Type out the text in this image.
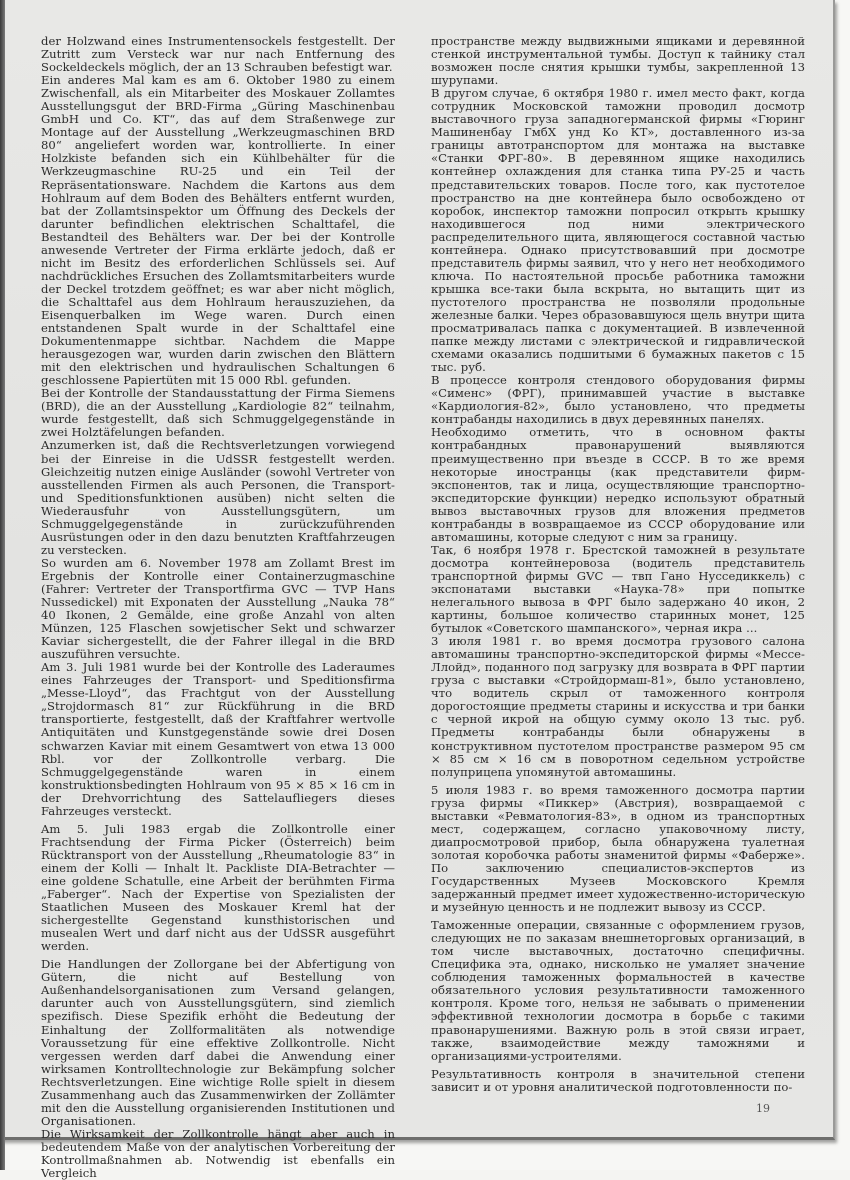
der Holzwand eines Instrumentensockels festgestellt. Der Zutritt zum Versteck war nur nach Entfernung des Sockeldeckels möglich, der an 13 Schrauben befestigt war.

Ein anderes Mal kam es am 6. Oktober 1980 zu einem Zwischenfall, als ein Mitarbeiter des Moskauer Zollamtes Ausstellungsgut der BRD-Firma „Güring Maschinenbau GmbH und Co. KT“, das auf dem Straßenwege zur Montage auf der Ausstellung „Werkzeugmaschinen BRD 80“ angeliefert worden war, kontrollierte. In einer Holzkiste befanden sich ein Kühlbehälter für die Werkzeugmaschine RU-25 und ein Teil der Repräsentationsware. Nachdem die Kartons aus dem Hohlraum auf dem Boden des Behälters entfernt wurden, bat der Zollamtsinspektor um Öffnung des Deckels der darunter befindlichen elektrischen Schalttafel, die Bestandteil des Behälters war. Der bei der Kontrolle anwesende Vertreter der Firma erklärte jedoch, daß er nicht im Besitz des erforderlichen Schlüssels sei. Auf nachdrückliches Ersuchen des Zollamtsmitarbeiters wurde der Deckel trotzdem geöffnet; es war aber nicht möglich, die Schalttafel aus dem Hohlraum herauszuziehen, da Eisenquerbalken im Wege waren. Durch einen entstandenen Spalt wurde in der Schalttafel eine Dokumentenmappe sichtbar. Nachdem die Mappe herausgezogen war, wurden darin zwischen den Blättern mit den elektrischen und hydraulischen Schaltungen 6 geschlossene Papiertüten mit 15 000 Rbl. gefunden.

Bei der Kontrolle der Standausstattung der Firma Siemens (BRD), die an der Ausstellung „Kardiologie 82“ teilnahm, wurde festgestellt, daß sich Schmuggelgegenstände in zwei Holztäfelungen befanden.

Anzumerken ist, daß die Rechtsverletzungen vorwiegend bei der Einreise in die UdSSR festgestellt werden. Gleichzeitig nutzen einige Ausländer (sowohl Vertreter von ausstellenden Firmen als auch Personen, die Transport- und Speditionsfunktionen ausüben) nicht selten die Wiederausfuhr von Ausstellungsgütern, um Schmuggelgegenstände in zurückzuführenden Ausrüstungen oder in den dazu benutzten Kraftfahrzeugen zu verstecken.

So wurden am 6. November 1978 am Zollamt Brest im Ergebnis der Kontrolle einer Containerzugmaschine (Fahrer: Vertreter der Transportfirma GVC — TVP Hans Nussedickel) mit Exponaten der Ausstellung „Nauka 78“ 40 Ikonen, 2 Gemälde, eine große Anzahl von alten Münzen, 125 Flaschen sowjetischer Sekt und schwarzer Kaviar sichergestellt, die der Fahrer illegal in die BRD auszuführen versuchte.

Am 3. Juli 1981 wurde bei der Kontrolle des Laderaumes eines Fahrzeuges der Transport- und Speditionsfirma „Messe-Lloyd“, das Frachtgut von der Ausstellung „Strojdormasch 81“ zur Rückführung in die BRD transportierte, festgestellt, daß der Kraftfahrer wertvolle Antiquitäten und Kunstgegenstände sowie drei Dosen schwarzen Kaviar mit einem Gesamtwert von etwa 13 000 Rbl. vor der Zollkontrolle verbarg. Die Schmuggelgegenstände waren in einem konstruktionsbedingten Hohlraum von 95 × 85 × 16 cm in der Drehvorrichtung des Sattelaufliegers dieses Fahrzeuges versteckt.

Am 5. Juli 1983 ergab die Zollkontrolle einer Frachtsendung der Firma Picker (Österreich) beim Rücktransport von der Ausstellung „Rheumatologie 83“ in einem der Kolli — Inhalt lt. Packliste DIA-Betrachter — eine goldene Schatulle, eine Arbeit der berühmten Firma „Faberger“. Nach der Expertise von Spezialisten der Staatlichen Museen des Moskauer Kreml hat der sichergestellte Gegenstand kunsthistorischen und musealen Wert und darf nicht aus der UdSSR ausgeführt werden.

Die Handlungen der Zollorgane bei der Abfertigung von Gütern, die nicht auf Bestellung von Außenhandelsorganisationen zum Versand gelangen, darunter auch von Ausstellungsgütern, sind ziemlich spezifisch. Diese Spezifik erhöht die Bedeutung der Einhaltung der Zollformalitäten als notwendige Voraussetzung für eine effektive Zollkontrolle. Nicht vergessen werden darf dabei die Anwendung einer wirksamen Kontrolltechnologie zur Bekämpfung solcher Rechtsverletzungen. Eine wichtige Rolle spielt in diesem Zusammenhang auch das Zusammenwirken der Zollämter mit den die Ausstellung organisierenden Institutionen und Organisationen.

Die Wirksamkeit der Zollkontrolle hängt aber auch in bedeutendem Maße von der analytischen Vorbereitung der Kontrollmaßnahmen ab. Notwendig ist ebenfalls ein Vergleich

пространстве между выдвижными ящиками и деревянной стенкой инструментальной тумбы. Доступ к тайнику стал возможен после снятия крышки тумбы, закрепленной 13 шурупами.

В другом случае, 6 октября 1980 г. имел место факт, когда сотрудник Московской таможни проводил досмотр выставочного груза западногерманской фирмы «Гюринг Машиненбау ГмбХ унд Ко КТ», доставленного из-за границы автотранспортом для монтажа на выставке «Станки ФРГ-80». В деревянном ящике находились контейнер охлаждения для станка типа РУ-25 и часть представительских товаров. После того, как пустотелое пространство на дне контейнера было освобождено от коробок, инспектор таможни попросил открыть крышку находившегося под ними электрического распределительного щита, являющегося составной частью контейнера. Однако присутствовавший при досмотре представитель фирмы заявил, что у него нет необходимого ключа. По настоятельной просьбе работника таможни крышка все-таки была вскрыта, но вытащить щит из пустотелого пространства не позволяли продольные железные балки. Через образовавшуюся щель внутри щита просматривалась папка с документацией. В извлеченной папке между листами с электрической и гидравлической схемами оказались подшитыми 6 бумажных пакетов с 15 тыс. руб.

В процессе контроля стендового оборудования фирмы «Сименс» (ФРГ), принимавшей участие в выставке «Кардиология-82», было установлено, что предметы контрабанды находились в двух деревянных панелях.

Необходимо отметить, что в основном факты контрабандных правонарушений выявляются преимущественно при въезде в СССР. В то же время некоторые иностранцы (как представители фирм-экспонентов, так и лица, осуществляющие транспортно-экспедиторские функции) нередко используют обратный вывоз выставочных грузов для вложения предметов контрабанды в возвращаемое из СССР оборудование или автомашины, которые следуют с ним за границу.

Так, 6 ноября 1978 г. Брестской таможней в результате досмотра контейнеровоза (водитель представитель транспортной фирмы GVC — твп Гано Нусседиккель) с экспонатами выставки «Наука-78» при попытке нелегального вывоза в ФРГ было задержано 40 икон, 2 картины, большое количество старинных монет, 125 бутылок «Советского шампанского», черная икра ...

3 июля 1981 г. во время досмотра грузового салона автомашины транспортно-экспедиторской фирмы «Мессе-Ллойд», поданного под загрузку для возврата в ФРГ партии груза с выставки «Стройдормаш-81», было установлено, что водитель скрыл от таможенного контроля дорогостоящие предметы старины и искусства и три банки с черной икрой на общую сумму около 13 тыс. руб. Предметы контрабанды были обнаружены в конструктивном пустотелом пространстве размером 95 см × 85 см × 16 см в поворотном седельном устройстве полуприцепа упомянутой автомашины.

5 июля 1983 г. во время таможенного досмотра партии груза фирмы «Пиккер» (Австрия), возвращаемой с выставки «Ревматология-83», в одном из транспортных мест, содержащем, согласно упаковочному листу, диапросмотровой прибор, была обнаружена туалетная золотая коробочка работы знаменитой фирмы «Фаберже». По заключению специалистов-экспертов из Государственных Музеев Московского Кремля задержанный предмет имеет художественно-историческую и музейную ценность и не подлежит вывозу из СССР.

Таможенные операции, связанные с оформлением грузов, следующих не по заказам внешнеторговых организаций, в том числе выставочных, достаточно специфичны. Специфика эта, однако, нисколько не умаляет значение соблюдения таможенных формальностей в качестве обязательного условия результативности таможенного контроля. Кроме того, нельзя не забывать о применении эффективной технологии досмотра в борьбе с такими правонарушениями. Важную роль в этой связи играет, также, взаимодействие между таможнями и организациями-устроителями.

Результативность контроля в значительной степени зависит и от уровня аналитической подготовленности по-

19
